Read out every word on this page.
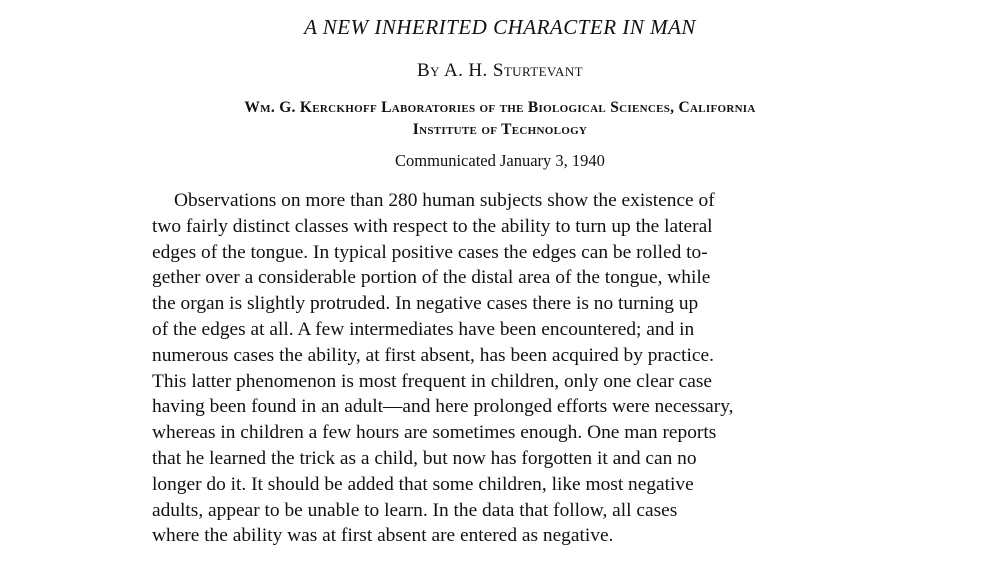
A NEW INHERITED CHARACTER IN MAN
By A. H. Sturtevant
Wm. G. Kerckhoff Laboratories of the Biological Sciences, California
Institute of Technology
Communicated January 3, 1940
Observations on more than 280 human subjects show the existence of
two fairly distinct classes with respect to the ability to turn up the lateral
edges of the tongue. In typical positive cases the edges can be rolled to-
gether over a considerable portion of the distal area of the tongue, while
the organ is slightly protruded. In negative cases there is no turning up
of the edges at all. A few intermediates have been encountered; and in
numerous cases the ability, at first absent, has been acquired by practice.
This latter phenomenon is most frequent in children, only one clear case
having been found in an adult—and here prolonged efforts were necessary,
whereas in children a few hours are sometimes enough. One man reports
that he learned the trick as a child, but now has forgotten it and can no
longer do it. It should be added that some children, like most negative
adults, appear to be unable to learn. In the data that follow, all cases
where the ability was at first absent are entered as negative.
